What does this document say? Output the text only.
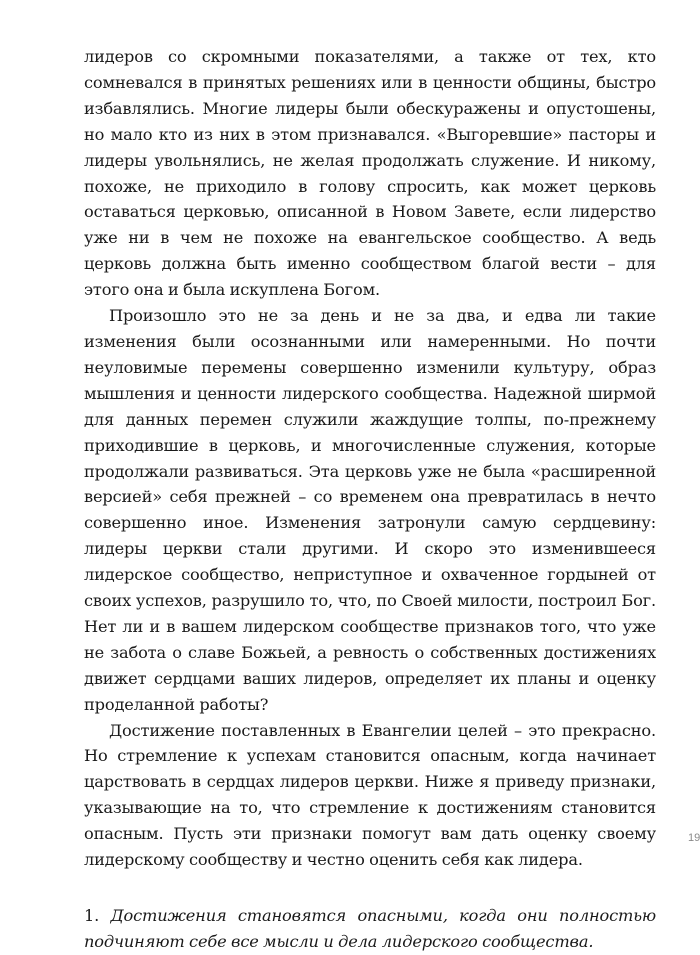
лидеров со скромными показателями, а также от тех, кто сомневался в принятых решениях или в ценности общины, быстро избавлялись. Многие лидеры были обескуражены и опустошены, но мало кто из них в этом признавался. «Выгоревшие» пасторы и лидеры увольнялись, не желая продолжать служение. И никому, похоже, не приходило в голову спросить, как может церковь оставаться церковью, описанной в Новом Завете, если лидерство уже ни в чем не похоже на евангельское сообщество. А ведь церковь должна быть именно сообществом благой вести – для этого она и была искуплена Богом.

Произошло это не за день и не за два, и едва ли такие изменения были осознанными или намеренными. Но почти неуловимые перемены совершенно изменили культуру, образ мышления и ценности лидерского сообщества. Надежной ширмой для данных перемен служили жаждущие толпы, по-прежнему приходившие в церковь, и многочисленные служения, которые продолжали развиваться. Эта церковь уже не была «расширенной версией» себя прежней – со временем она превратилась в нечто совершенно иное. Изменения затронули самую сердцевину: лидеры церкви стали другими. И скоро это изменившееся лидерское сообщество, неприступное и охваченное гордыней от своих успехов, разрушило то, что, по Своей милости, построил Бог. Нет ли и в вашем лидерском сообществе признаков того, что уже не забота о славе Божьей, а ревность о собственных достижениях движет сердцами ваших лидеров, определяет их планы и оценку проделанной работы?

Достижение поставленных в Евангелии целей – это прекрасно. Но стремление к успехам становится опасным, когда начинает царствовать в сердцах лидеров церкви. Ниже я приведу признаки, указывающие на то, что стремление к достижениям становится опасным. Пусть эти признаки помогут вам дать оценку своему лидерскому сообществу и честно оценить себя как лидера.

1. Достижения становятся опасными, когда они полностью подчиняют себе все мысли и дела лидерского сообщества.

19
